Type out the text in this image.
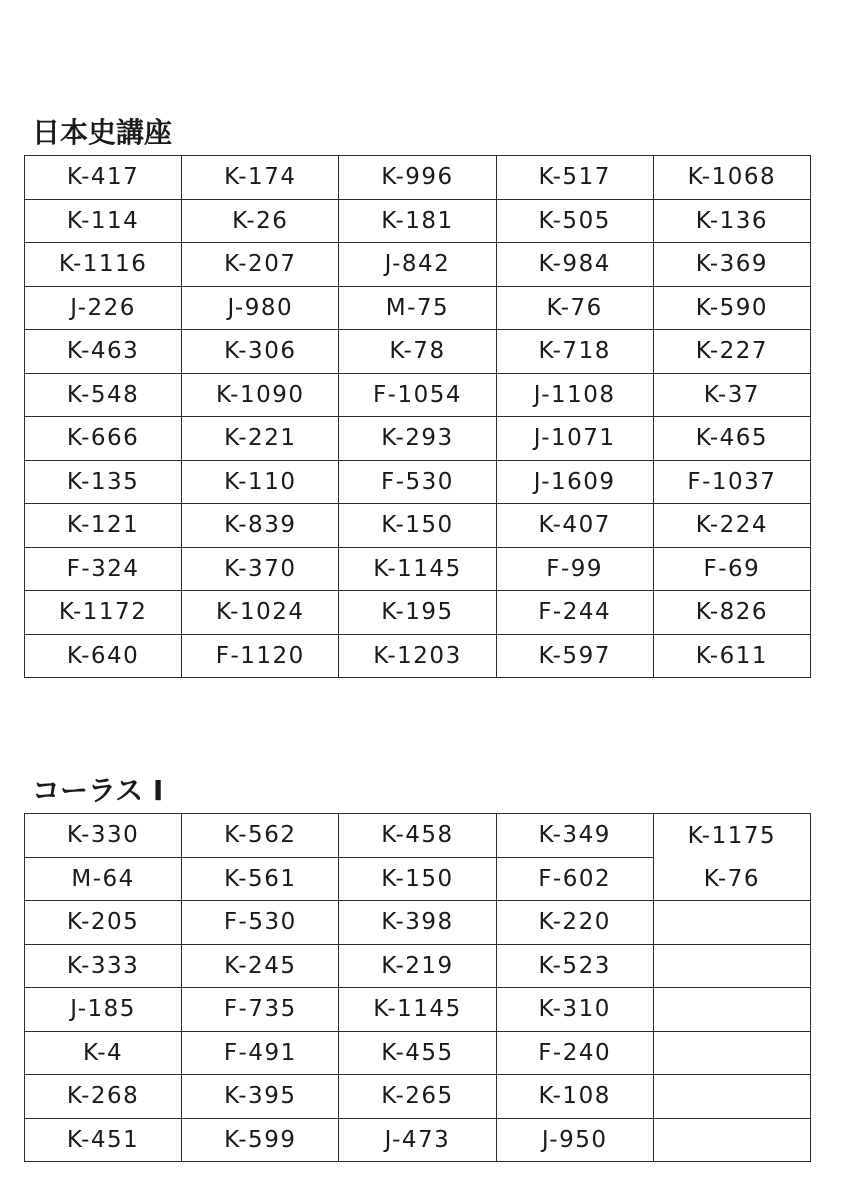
日本史講座
K-417	K-174	K-996	K-517	K-1068
K-114	K-26	K-181	K-505	K-136
K-1116	K-207	J-842	K-984	K-369
J-226	J-980	M-75	K-76	K-590
K-463	K-306	K-78	K-718	K-227
K-548	K-1090	F-1054	J-1108	K-37
K-666	K-221	K-293	J-1071	K-465
K-135	K-110	F-530	J-1609	F-1037
K-121	K-839	K-150	K-407	K-224
F-324	K-370	K-1145	F-99	F-69
K-1172	K-1024	K-195	F-244	K-826
K-640	F-1120	K-1203	K-597	K-611
コーラス I
K-330	K-562	K-458	K-349	K-1175
M-64	K-561	K-150	F-602	K-76
K-205	F-530	K-398	K-220	
K-333	K-245	K-219	K-523	
J-185	F-735	K-1145	K-310	
K-4	F-491	K-455	F-240	
K-268	K-395	K-265	K-108	
K-451	K-599	J-473	J-950	
